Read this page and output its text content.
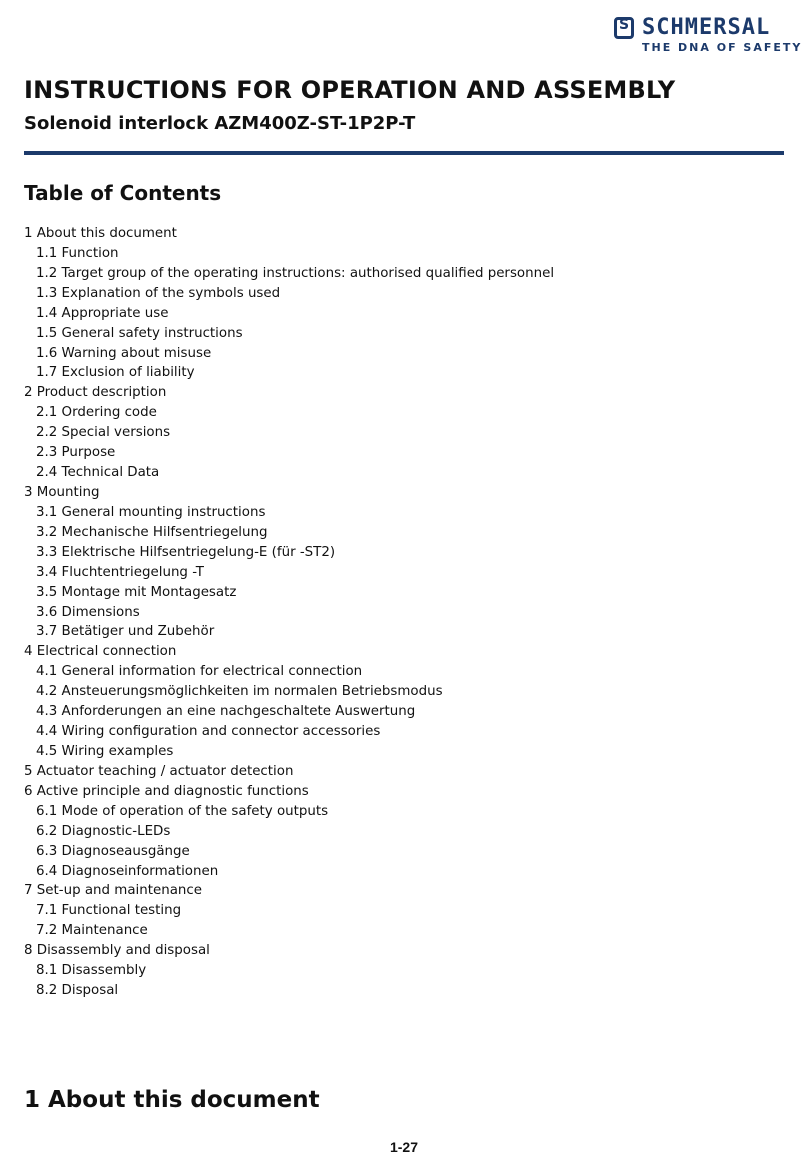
S
SCHMERSAL
THE DNA OF SAFETY
INSTRUCTIONS FOR OPERATION AND ASSEMBLY
Solenoid interlock AZM400Z-ST-1P2P-T
Table of Contents
1 About this document
1.1 Function
1.2 Target group of the operating instructions: authorised qualified personnel
1.3 Explanation of the symbols used
1.4 Appropriate use
1.5 General safety instructions
1.6 Warning about misuse
1.7 Exclusion of liability
2 Product description
2.1 Ordering code
2.2 Special versions
2.3 Purpose
2.4 Technical Data
3 Mounting
3.1 General mounting instructions
3.2 Mechanische Hilfsentriegelung
3.3 Elektrische Hilfsentriegelung-E (für -ST2)
3.4 Fluchtentriegelung -T
3.5 Montage mit Montagesatz
3.6 Dimensions
3.7 Betätiger und Zubehör
4 Electrical connection
4.1 General information for electrical connection
4.2 Ansteuerungsmöglichkeiten im normalen Betriebsmodus
4.3 Anforderungen an eine nachgeschaltete Auswertung
4.4 Wiring configuration and connector accessories
4.5 Wiring examples
5 Actuator teaching / actuator detection
6 Active principle and diagnostic functions
6.1 Mode of operation of the safety outputs
6.2 Diagnostic-LEDs
6.3 Diagnoseausgänge
6.4 Diagnoseinformationen
7 Set-up and maintenance
7.1 Functional testing
7.2 Maintenance
8 Disassembly and disposal
8.1 Disassembly
8.2 Disposal
1 About this document
1-27
